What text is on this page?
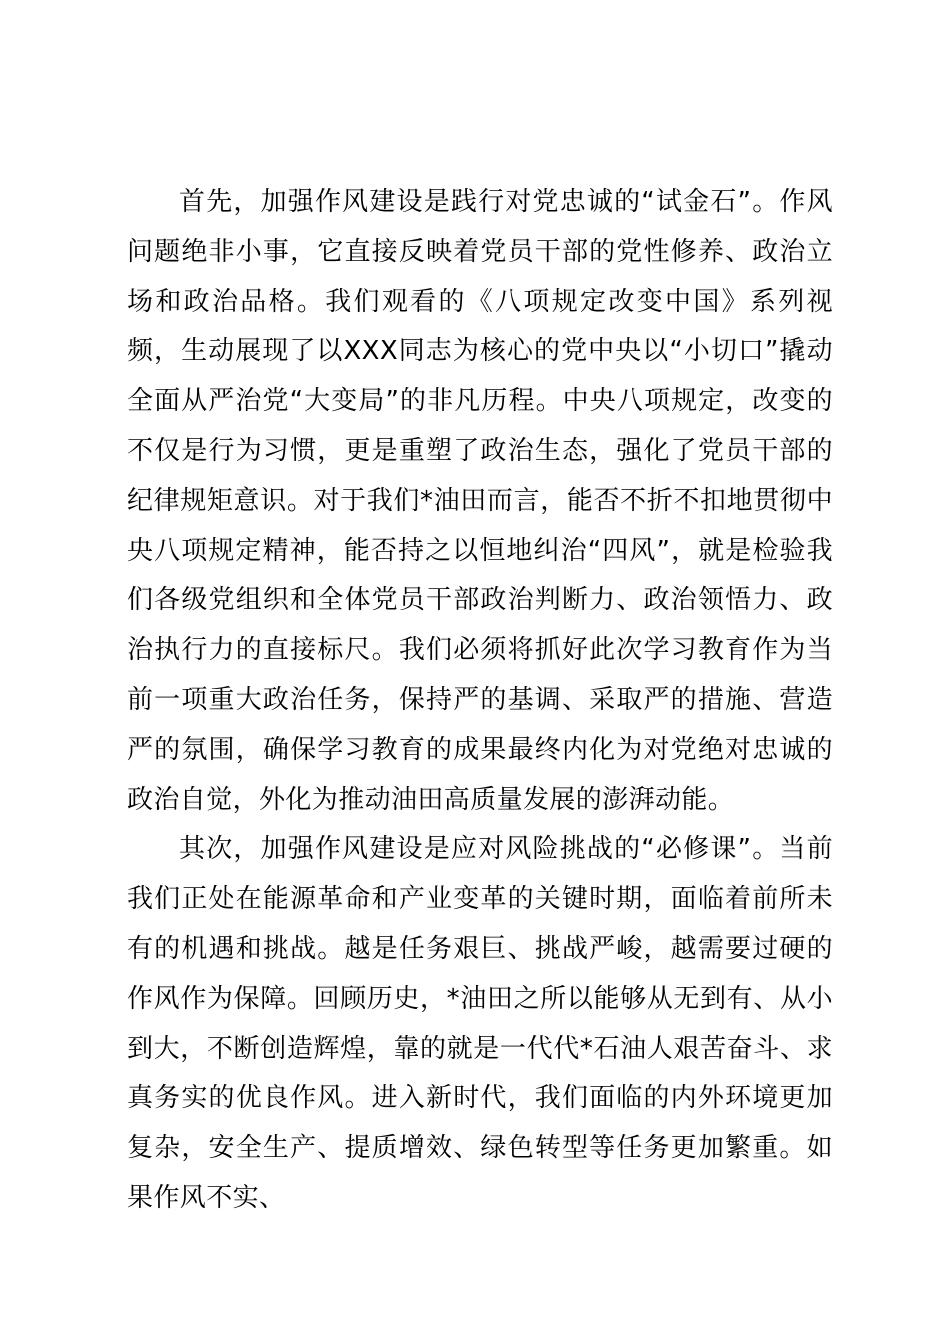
首先，加强作风建设是践行对党忠诚的“试金石”。作风问题绝非小事，它直接反映着党员干部的党性修养、政治立场和政治品格。我们观看的《八项规定改变中国》系列视频，生动展现了以XXX同志为核心的党中央以“小切口”撬动全面从严治党“大变局”的非凡历程。中央八项规定，改变的不仅是行为习惯，更是重塑了政治生态，强化了党员干部的纪律规矩意识。对于我们*油田而言，能否不折不扣地贯彻中央八项规定精神，能否持之以恒地纠治“四风”，就是检验我们各级党组织和全体党员干部政治判断力、政治领悟力、政治执行力的直接标尺。我们必须将抓好此次学习教育作为当前一项重大政治任务，保持严的基调、采取严的措施、营造严的氛围，确保学习教育的成果最终内化为对党绝对忠诚的政治自觉，外化为推动油田高质量发展的澎湃动能。

其次，加强作风建设是应对风险挑战的“必修课”。当前我们正处在能源革命和产业变革的关键时期，面临着前所未有的机遇和挑战。越是任务艰巨、挑战严峻，越需要过硬的作风作为保障。回顾历史，*油田之所以能够从无到有、从小到大，不断创造辉煌，靠的就是一代代*石油人艰苦奋斗、求真务实的优良作风。进入新时代，我们面临的内外环境更加复杂，安全生产、提质增效、绿色转型等任务更加繁重。如果作风不实、
